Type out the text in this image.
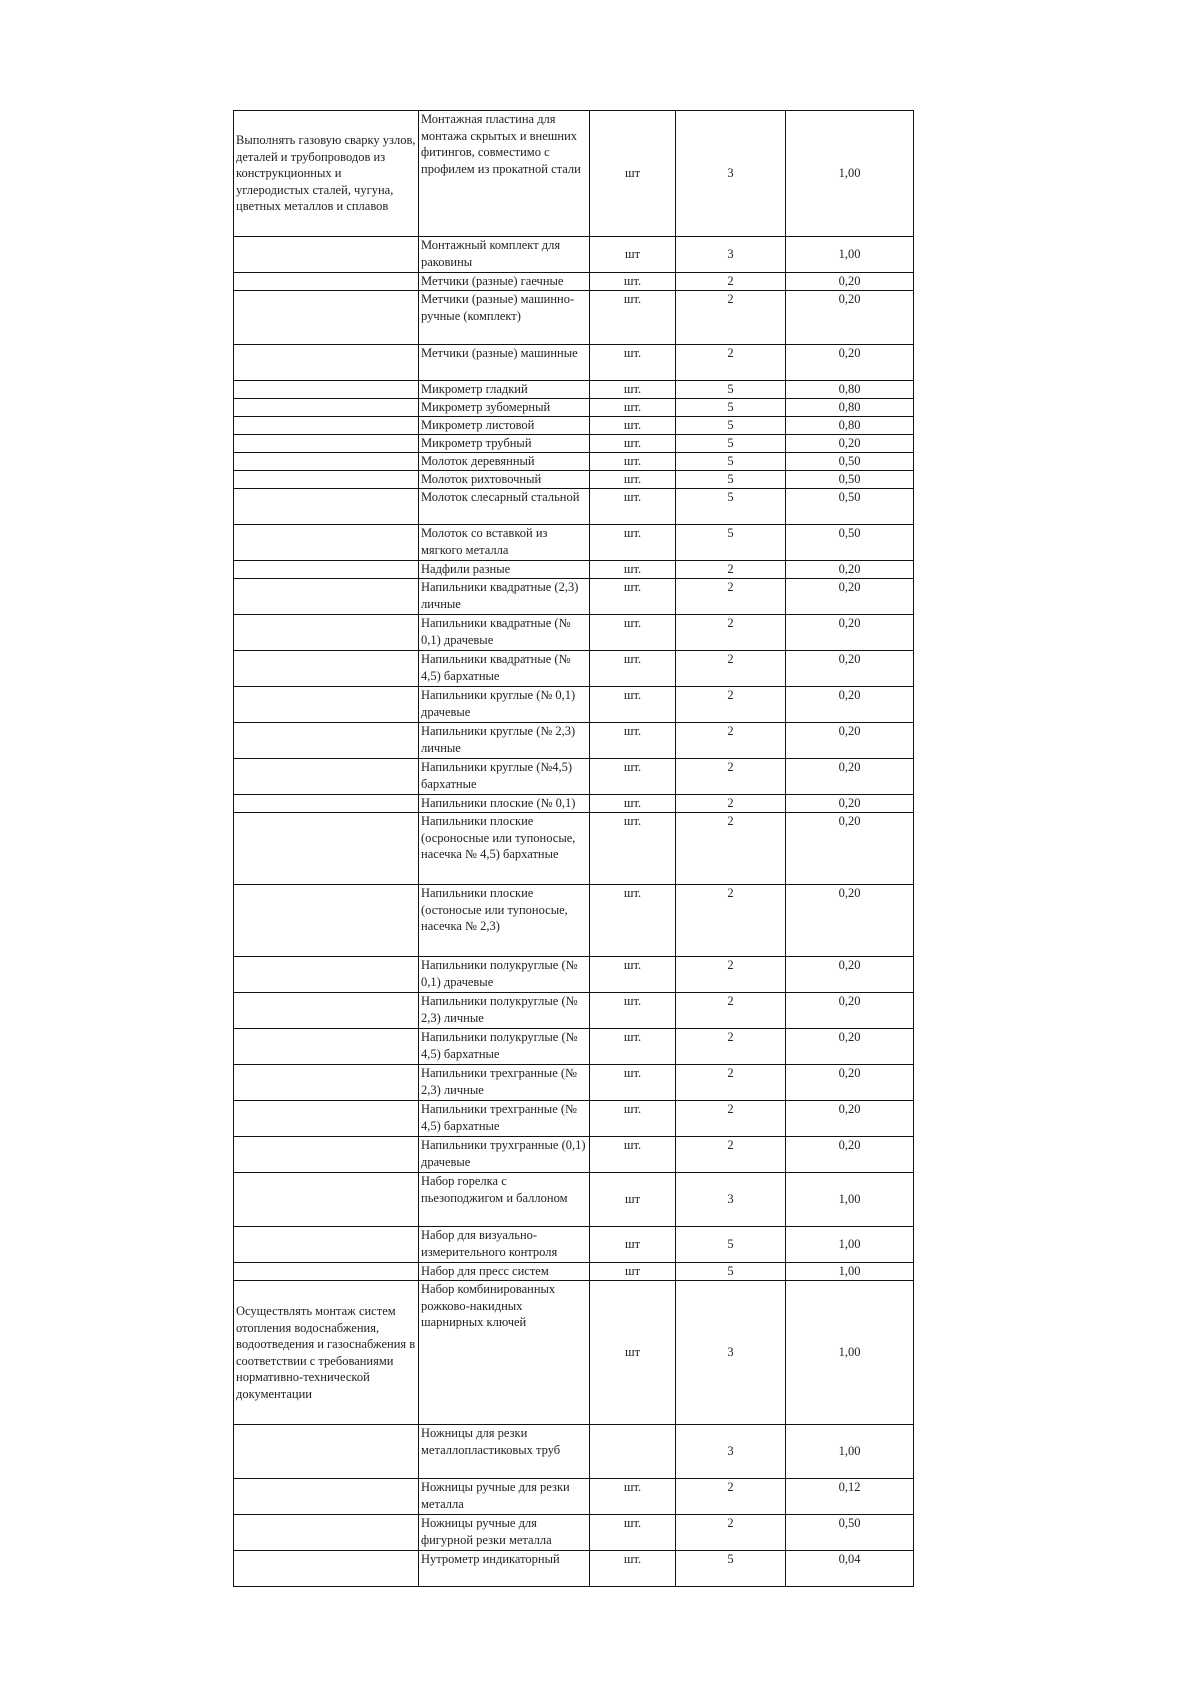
Выполнять газовую сварку узлов, деталей и трубопроводов из конструкционных и углеродистых сталей, чугуна, цветных металлов и сплавов	Монтажная пластина для монтажа скрытых и внешних фитингов, совместимо с профилем из прокатной стали	шт	3	1,00
	Монтажный комплект для раковины	шт	3	1,00
	Метчики (разные) гаечные	шт.	2	0,20
	Метчики (разные) машинно-ручные (комплект)	шт.	2	0,20
	Метчики (разные) машинные	шт.	2	0,20
	Микрометр гладкий	шт.	5	0,80
	Микрометр зубомерный	шт.	5	0,80
	Микрометр листовой	шт.	5	0,80
	Микрометр трубный	шт.	5	0,20
	Молоток деревянный	шт.	5	0,50
	Молоток рихтовочный	шт.	5	0,50
	Молоток слесарный стальной	шт.	5	0,50
	Молоток со вставкой из мягкого металла	шт.	5	0,50
	Надфили разные	шт.	2	0,20
	Напильники квадратные (2,3) личные	шт.	2	0,20
	Напильники квадратные (№ 0,1) драчевые	шт.	2	0,20
	Напильники квадратные (№ 4,5) бархатные	шт.	2	0,20
	Напильники круглые (№ 0,1) драчевые	шт.	2	0,20
	Напильники круглые (№ 2,3) личные	шт.	2	0,20
	Напильники круглые (№4,5) бархатные	шт.	2	0,20
	Напильники плоские (№ 0,1)	шт.	2	0,20
	Напильники плоские (осроносные или тупоносые, насечка № 4,5) бархатные	шт.	2	0,20
	Напильники плоские (остоносые или тупоносые, насечка № 2,3)	шт.	2	0,20
	Напильники полукруглые (№ 0,1) драчевые	шт.	2	0,20
	Напильники полукруглые (№ 2,3) личные	шт.	2	0,20
	Напильники полукруглые (№ 4,5) бархатные	шт.	2	0,20
	Напильники трехгранные (№ 2,3) личные	шт.	2	0,20
	Напильники трехгранные (№ 4,5) бархатные	шт.	2	0,20
	Напильники трухгранные (0,1) драчевые	шт.	2	0,20
	Набор горелка с пьезоподжигом и баллоном	шт	3	1,00
	Набор для визуально-измерительного контроля	шт	5	1,00
	Набор для пресс систем	шт	5	1,00
Осуществлять монтаж систем отопления водоснабжения, водоотведения и газоснабжения в соответствии с требованиями нормативно-технической документации	Набор комбинированных рожково-накидных шарнирных ключей	шт	3	1,00
	Ножницы для резки металлопластиковых труб		3	1,00
	Ножницы ручные для резки металла	шт.	2	0,12
	Ножницы ручные для фигурной резки металла	шт.	2	0,50
	Нутрометр индикаторный	шт.	5	0,04
